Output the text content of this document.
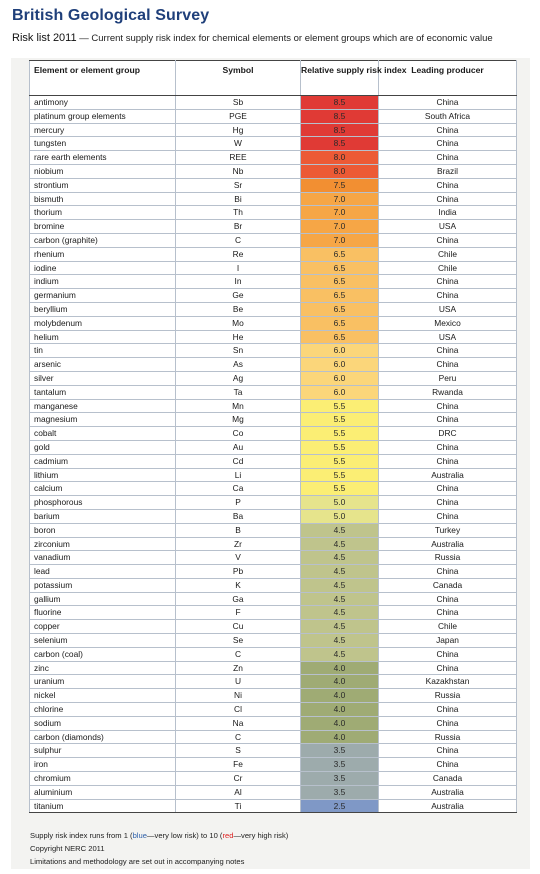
British Geological Survey
Risk list 2011 — Current supply risk index for chemical elements or element groups which are of economic value
Element or element group	Symbol	Relative supply risk index	Leading producer
antimony	Sb	8.5	China
platinum group elements	PGE	8.5	South Africa
mercury	Hg	8.5	China
tungsten	W	8.5	China
rare earth elements	REE	8.0	China
niobium	Nb	8.0	Brazil
strontium	Sr	7.5	China
bismuth	Bi	7.0	China
thorium	Th	7.0	India
bromine	Br	7.0	USA
carbon (graphite)	C	7.0	China
rhenium	Re	6.5	Chile
iodine	I	6.5	Chile
indium	In	6.5	China
germanium	Ge	6.5	China
beryllium	Be	6.5	USA
molybdenum	Mo	6.5	Mexico
helium	He	6.5	USA
tin	Sn	6.0	China
arsenic	As	6.0	China
silver	Ag	6.0	Peru
tantalum	Ta	6.0	Rwanda
manganese	Mn	5.5	China
magnesium	Mg	5.5	China
cobalt	Co	5.5	DRC
gold	Au	5.5	China
cadmium	Cd	5.5	China
lithium	Li	5.5	Australia
calcium	Ca	5.5	China
phosphorous	P	5.0	China
barium	Ba	5.0	China
boron	B	4.5	Turkey
zirconium	Zr	4.5	Australia
vanadium	V	4.5	Russia
lead	Pb	4.5	China
potassium	K	4.5	Canada
gallium	Ga	4.5	China
fluorine	F	4.5	China
copper	Cu	4.5	Chile
selenium	Se	4.5	Japan
carbon (coal)	C	4.5	China
zinc	Zn	4.0	China
uranium	U	4.0	Kazakhstan
nickel	Ni	4.0	Russia
chlorine	Cl	4.0	China
sodium	Na	4.0	China
carbon (diamonds)	C	4.0	Russia
sulphur	S	3.5	China
iron	Fe	3.5	China
chromium	Cr	3.5	Canada
aluminium	Al	3.5	Australia
titanium	Ti	2.5	Australia
Supply risk index runs from 1 (blue—very low risk) to 10 (red—very high risk)
Copyright NERC 2011
Limitations and methodology are set out in accompanying notes
